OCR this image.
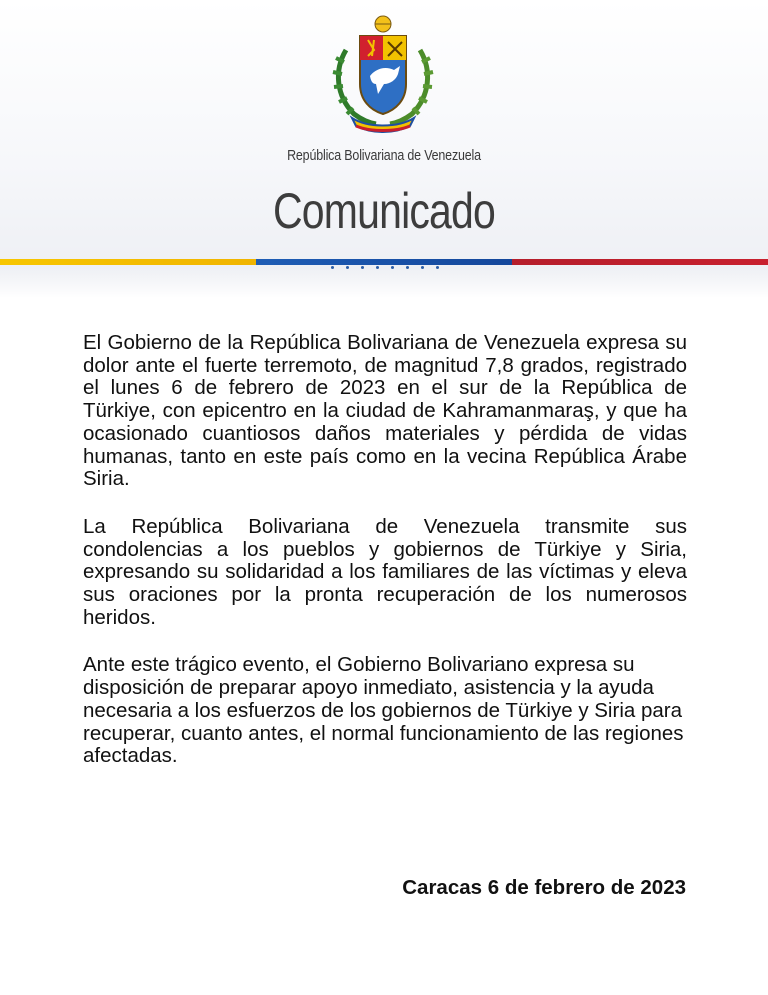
República Bolivariana de Venezuela
Comunicado

El Gobierno de la República Bolivariana de Venezuela expresa su dolor ante el fuerte terremoto, de magnitud 7,8 grados, registrado el lunes 6 de febrero de 2023 en el sur de la República de Türkiye, con epicentro en la ciudad de Kahramanmaraş, y que ha ocasionado cuantiosos daños materiales y pérdida de vidas humanas, tanto en este país como en la vecina República Árabe Siria.

La República Bolivariana de Venezuela transmite sus condolencias a los pueblos y gobiernos de Türkiye y Siria, expresando su solidaridad a los familiares de las víctimas y eleva sus oraciones por la pronta recuperación de los numerosos heridos.

Ante este trágico evento, el Gobierno Bolivariano expresa su disposición de preparar apoyo inmediato, asistencia y la ayuda necesaria a los esfuerzos de los gobiernos de Türkiye y Siria para recuperar, cuanto antes, el normal funcionamiento de las regiones afectadas.

Caracas 6 de febrero de 2023
